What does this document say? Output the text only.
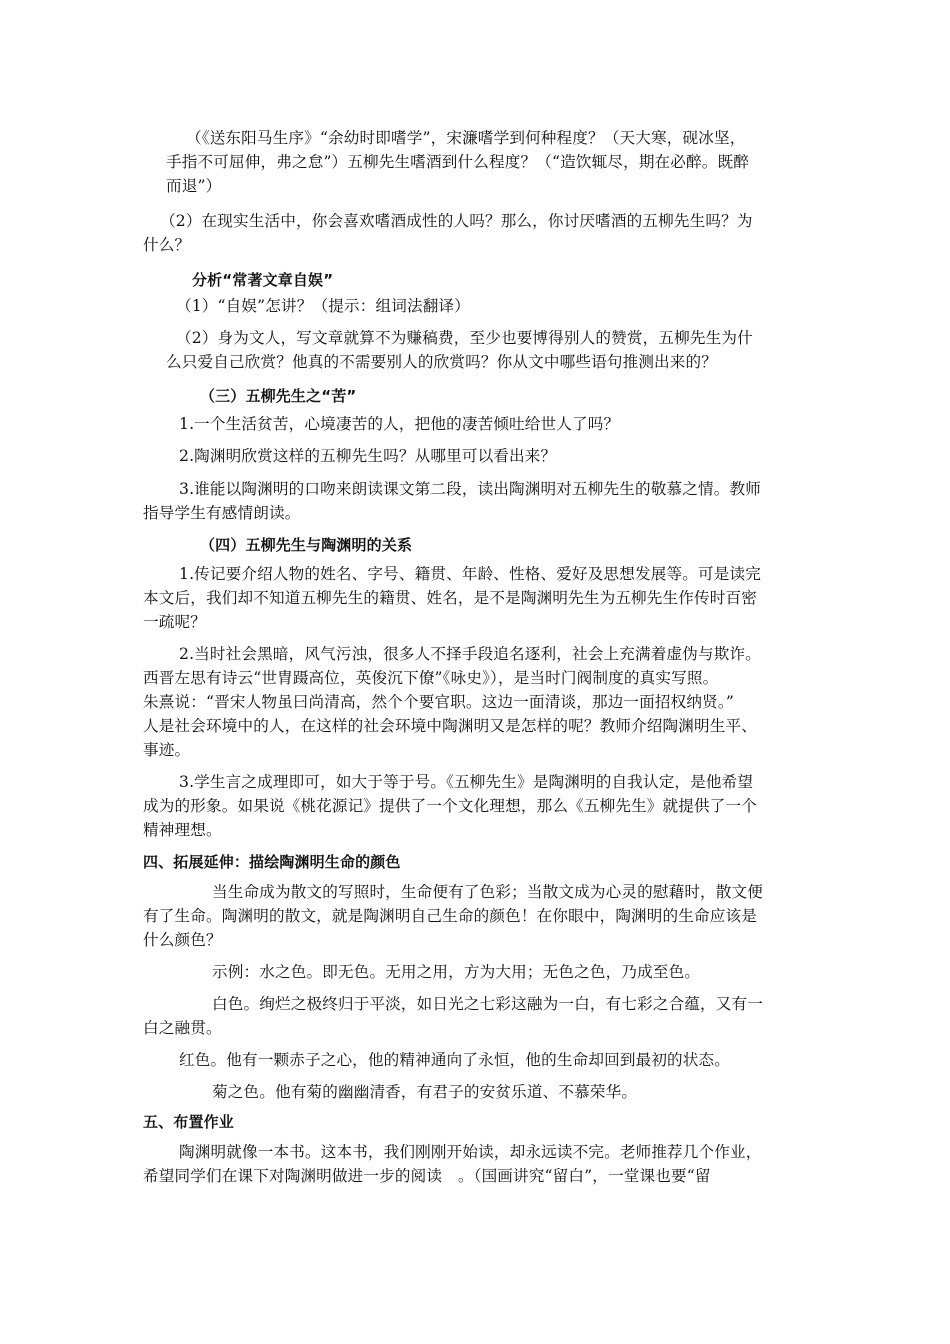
（《送东阳马生序》“余幼时即嗜学”，宋濂嗜学到何种程度？（天大寒，砚冰坚，
手指不可屈伸，弗之怠”）五柳先生嗜酒到什么程度？（“造饮辄尽，期在必醉。既醉
而退”）
（2）在现实生活中，你会喜欢嗜酒成性的人吗？那么，你讨厌嗜酒的五柳先生吗？为
什么？
分析“常著文章自娱”
（1）“自娱”怎讲？（提示：组词法翻译）
（2）身为文人，写文章就算不为赚稿费，至少也要博得别人的赞赏，五柳先生为什
么只爱自己欣赏？他真的不需要别人的欣赏吗？你从文中哪些语句推测出来的？
（三）五柳先生之“苦”
1.一个生活贫苦，心境凄苦的人，把他的凄苦倾吐给世人了吗？
2.陶渊明欣赏这样的五柳先生吗？从哪里可以看出来？
3.谁能以陶渊明的口吻来朗读课文第二段，读出陶渊明对五柳先生的敬慕之情。教师
指导学生有感情朗读。
（四）五柳先生与陶渊明的关系
1.传记要介绍人物的姓名、字号、籍贯、年龄、性格、爱好及思想发展等。可是读完
本文后，我们却不知道五柳先生的籍贯、姓名，是不是陶渊明先生为五柳先生作传时百密
一疏呢？
2.当时社会黑暗，风气污浊，很多人不择手段追名逐利，社会上充满着虚伪与欺诈。
西晋左思有诗云“世胄蹑高位，英俊沉下僚”《咏史》），是当时门阀制度的真实写照。
朱熹说：“晋宋人物虽曰尚清高，然个个要官职。这边一面清谈，那边一面招权纳贤。”
人是社会环境中的人，在这样的社会环境中陶渊明又是怎样的呢？教师介绍陶渊明生平、
事迹。
3.学生言之成理即可，如大于等于号。《五柳先生》是陶渊明的自我认定，是他希望
成为的形象。如果说《桃花源记》提供了一个文化理想，那么《五柳先生》就提供了一个
精神理想。
四、拓展延伸：描绘陶渊明生命的颜色
当生命成为散文的写照时，生命便有了色彩；当散文成为心灵的慰藉时，散文便
有了生命。陶渊明的散文，就是陶渊明自己生命的颜色！在你眼中，陶渊明的生命应该是
什么颜色？
示例：水之色。即无色。无用之用，方为大用；无色之色，乃成至色。
白色。绚烂之极终归于平淡，如日光之七彩这融为一白，有七彩之合蕴，又有一
白之融贯。
红色。他有一颗赤子之心，他的精神通向了永恒，他的生命却回到最初的状态。
菊之色。他有菊的幽幽清香，有君子的安贫乐道、不慕荣华。
五、布置作业
陶渊明就像一本书。这本书，我们刚刚开始读，却永远读不完。老师推荐几个作业，
希望同学们在课下对陶渊明做进一步的阅读　。（国画讲究“留白”，一堂课也要“留
